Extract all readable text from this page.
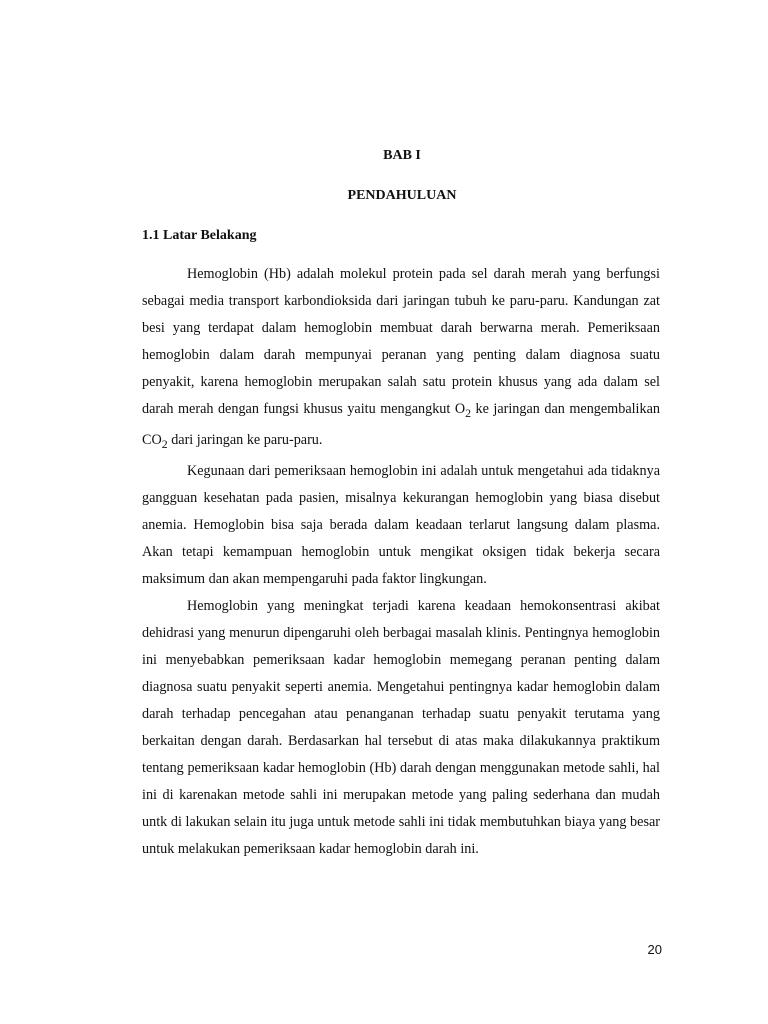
BAB I
PENDAHULUAN
1.1 Latar Belakang

Hemoglobin (Hb) adalah molekul protein pada sel darah merah yang berfungsi sebagai media transport karbondioksida dari jaringan tubuh ke paru-paru. Kandungan zat besi yang terdapat dalam hemoglobin membuat darah berwarna merah. Pemeriksaan hemoglobin dalam darah mempunyai peranan yang penting dalam diagnosa suatu penyakit, karena hemoglobin merupakan salah satu protein khusus yang ada dalam sel darah merah dengan fungsi khusus yaitu mengangkut $O_2$ ke jaringan dan mengembalikan $CO_2$ dari jaringan ke paru-paru.

Kegunaan dari pemeriksaan hemoglobin ini adalah untuk mengetahui ada tidaknya gangguan kesehatan pada pasien, misalnya kekurangan hemoglobin yang biasa disebut anemia. Hemoglobin bisa saja berada dalam keadaan terlarut langsung dalam plasma. Akan tetapi kemampuan hemoglobin untuk mengikat oksigen tidak bekerja secara maksimum dan akan mempengaruhi pada faktor lingkungan.

Hemoglobin yang meningkat terjadi karena keadaan hemokonsentrasi akibat dehidrasi yang menurun dipengaruhi oleh berbagai masalah klinis. Pentingnya hemoglobin ini menyebabkan pemeriksaan kadar hemoglobin memegang peranan penting dalam diagnosa suatu penyakit seperti anemia. Mengetahui pentingnya kadar hemoglobin dalam darah terhadap pencegahan atau penanganan terhadap suatu penyakit terutama yang berkaitan dengan darah. Berdasarkan hal tersebut di atas maka dilakukannya praktikum tentang pemeriksaan kadar hemoglobin (Hb) darah dengan menggunakan metode sahli, hal ini di karenakan metode sahli ini merupakan metode yang paling sederhana dan mudah untk di lakukan selain itu juga untuk metode sahli ini tidak membutuhkan biaya yang besar untuk melakukan pemeriksaan kadar hemoglobin darah ini.

20
